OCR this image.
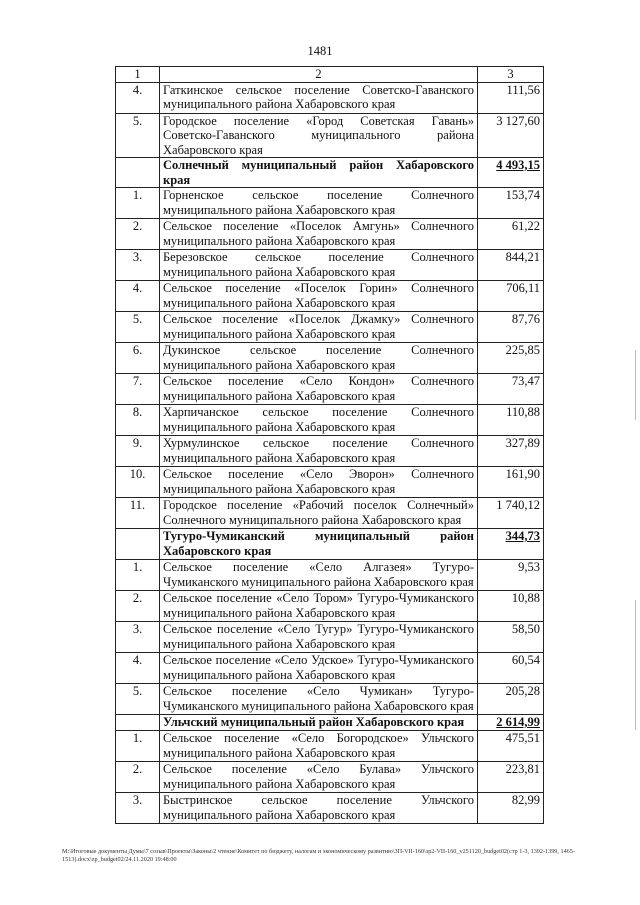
1481
1	2	3
4.	Гаткинское сельское поселение Советско-Гаванского муниципального района Хабаровского края	111,56
5.	Городское поселение «Город Советская Гавань» Советско-Гаванского муниципального района Хабаровского края	3 127,60
	Солнечный муниципальный район Хабаровского края	4 493,15
1.	Горненское сельское поселение Солнечного муниципального района Хабаровского края	153,74
2.	Сельское поселение «Поселок Амгунь» Солнечного муниципального района Хабаровского края	61,22
3.	Березовское сельское поселение Солнечного муниципального района Хабаровского края	844,21
4.	Сельское поселение «Поселок Горин» Солнечного муниципального района Хабаровского края	706,11
5.	Сельское поселение «Поселок Джамку» Солнечного муниципального района Хабаровского края	87,76
6.	Дукинское сельское поселение Солнечного муниципального района Хабаровского края	225,85
7.	Сельское поселение «Село Кондон» Солнечного муниципального района Хабаровского края	73,47
8.	Харпичанское сельское поселение Солнечного муниципального района Хабаровского края	110,88
9.	Хурмулинское сельское поселение Солнечного муниципального района Хабаровского края	327,89
10.	Сельское поселение «Село Эворон» Солнечного муниципального района Хабаровского края	161,90
11.	Городское поселение «Рабочий поселок Солнечный» Солнечного муниципального района Хабаровского края	1 740,12
	Тугуро-Чумиканский муниципальный район Хабаровского края	344,73
1.	Сельское поселение «Село Алгазея» Тугуро-Чумиканского муниципального района Хабаровского края	9,53
2.	Сельское поселение «Село Тором» Тугуро-Чумиканского муниципального района Хабаровского края	10,88
3.	Сельское поселение «Село Тугур» Тугуро-Чумиканского муниципального района Хабаровского края	58,50
4.	Сельское поселение «Село Удское» Тугуро-Чумиканского муниципального района Хабаровского края	60,54
5.	Сельское поселение «Село Чумикан» Тугуро-Чумиканского муниципального района Хабаровского края	205,28
	Ульчский муниципальный район Хабаровского края	2 614,99
1.	Сельское поселение «Село Богородское» Ульчского муниципального района Хабаровского края	475,51
2.	Сельское поселение «Село Булава» Ульчского муниципального района Хабаровского края	223,81
3.	Быстринское сельское поселение Ульчского муниципального района Хабаровского края	82,99
M:\Итоговые документы Думы\7 созыв\Проекты\Законы\2 чтение\Комитет по бюджету, налогам и экономическому развитию\ЗП-VII-160\зр2-VII-160_v251120_budget02(стр 1-3, 1392-1399, 1465-1513).docx\zp_budget02/24.11.2020 19:48:00
